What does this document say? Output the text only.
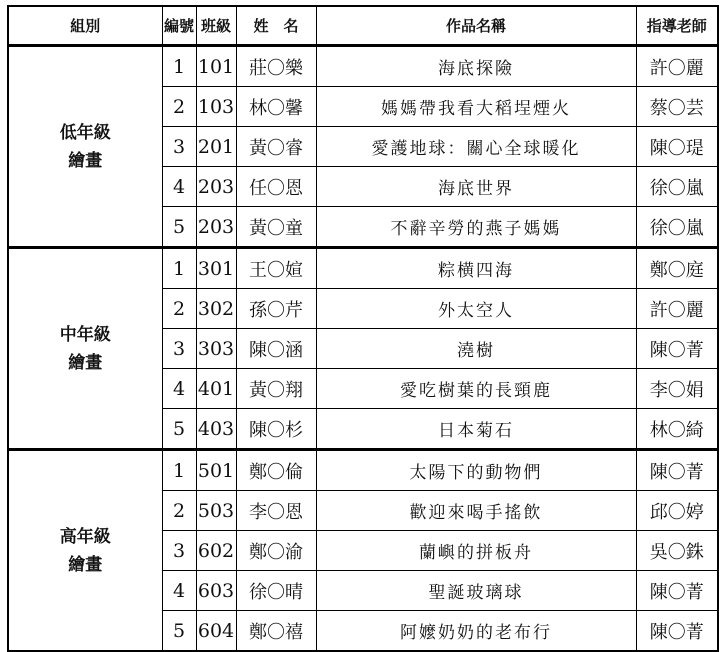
組別	編號	班級	姓　名	作品名稱	指導老師

低年級
繪畫	1	101	莊〇樂	海底探險	許〇麗
	2	103	林〇馨	媽媽帶我看大稻埕煙火	蔡〇芸
	3	201	黃〇睿	愛護地球：關心全球暖化	陳〇瑅
	4	203	任〇恩	海底世界	徐〇嵐
	5	203	黃〇童	不辭辛勞的燕子媽媽	徐〇嵐

中年級
繪畫	1	301	王〇媗	粽横四海	鄭〇庭
	2	302	孫〇芹	外太空人	許〇麗
	3	303	陳〇涵	澆樹	陳〇菁
	4	401	黃〇翔	愛吃樹葉的長頸鹿	李〇娟
	5	403	陳〇杉	日本菊石	林〇綺

高年級
繪畫	1	501	鄭〇倫	太陽下的動物們	陳〇菁
	2	503	李〇恩	歡迎來喝手搖飲	邱〇婷
	3	602	鄭〇渝	蘭嶼的拼板舟	吳〇銖
	4	603	徐〇晴	聖誕玻璃球	陳〇菁
	5	604	鄭〇禧	阿嬤奶奶的老布行	陳〇菁
